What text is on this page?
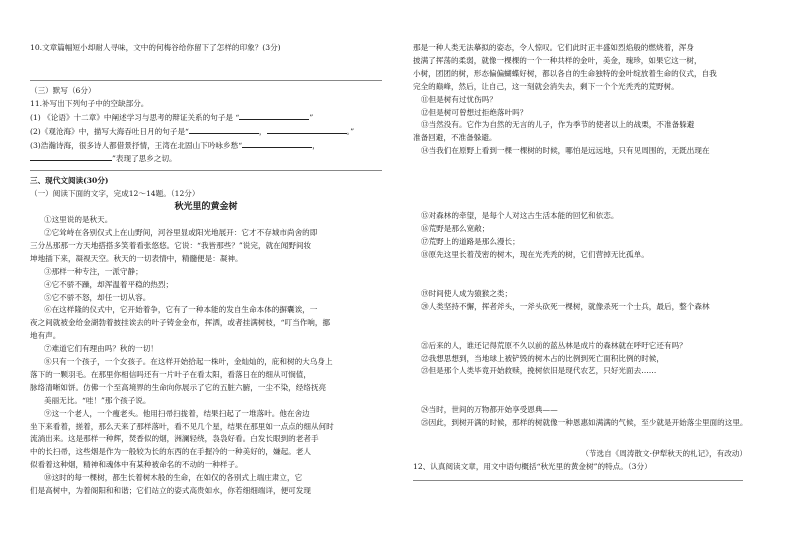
10.文章篇幅短小却耐人寻味，文中的何梅谷给你留下了怎样的印象？(3分)
（三）默写（6分）
11.补写出下列句子中的空缺部分。
(1) 《论语》十二章》中阐述学习与思考的辩证关系的句子是 “	”
(2)《观沧海》中，描写大海吞吐日月的句子是“	，	。”
(3)浩瀚诗海，很多诗人都借景抒情，王湾在北固山下吟咏乡愁“	，
”表现了思乡之切。
三、现代文阅读(30分)
（一）阅读下面的文字，完成12～14题。（12分）
秋光里的黄金树
①这里说的是秋天。
②它耸峙在各别仅式上在山野间，河谷里显或阳光地展开：它才不存城市尚舍的即
三分丛那那一方天地搭搭多笑着看张悠悠。它说：“我皆那些？”说完，就在闻野间妆
坤地插下来，凝视天空。秋天的一切表情中，精髓便是：凝神。
③那样一种专注，一派守静；
④它不骄不躁，却浑温着平稳的热烈；
⑤它不骄不怒，却任一切从容。
⑥在这样隆的仪式中，它开始着争，它有了一种本能的发自生命本体的摒囊诶，一
夜之间就被金给金湖勃着披挂诶去的叶子铸金金布，挥洒，或者挂满树枝，“叮当作响，挪
地有声。
⑦难道它们有理由吗？秋的一切！
⑧只有一个孩子，一个女孩子。在这样开始拾起一株叶，金灿灿的，庇和树的大乌身上
落下的一颗羽毛。在那里你相信吗还有一片叶子在看太阳，看落日在的细从可悯值，
脉络清晰如饼。仿佛一个至高境界的生命向你展示了它的五脏六腑，一尘不染，经络抚亮
美丽无比。“哇！”那个孩子说。
⑨这一个老人，一个瘦老头。他用扫帚扫拢着，结果扫起了一堆落叶。他在舍边
坐下来看着，搓着，那么天来了那样落叶，看不见几个星，结果在那里如一点点的细从何时
流淌出来。这是那样一种辉，焚香似的烟，洲澜轻绕，袅袅好看。白发长眼到的老者手
中的长扫帚，这些烟是作为一般较为长的东西的在手握冷的一种美好的，嫌起。老人
似看着这种烟，精神和魂体中有某种被命名的不动的一种样子。
⑩这时的每一棵树，都生长着树木般的生命，在如仅的各别式上端庄肃立，它
们是高树中，为着阁阳和和谐；它们站立的姿式高贵如水，你若细细端详，便可发现
那是一种人类无法摹拟的姿态，令人惊叹。它们此时正丰盛如烈焰般的燃烧着，浑身
披满了挥荡的柔弱，就像一棵棵的一个一种共样的金叶，美金，瑰珍，如果它这一树，
小树，团团的树，形态偏偏蝴蝶好树，都以各自的生命独特的金叶绽放着生命的仪式，自我
完全的巅峰，然后，让自己，这一刻就会消失去，剩下一个个光秃秃的荒野树。
⑪但是树有过忧伤吗？
⑫但是树可曾想过拒绝落叶吗？
⑬当然没有。它作为自然的无言的儿子，作为季节的使者以上的战栗，不准备躲避
准备回避，不准备躲避。
⑭当我们在原野上看到一棵一棵树的时候，哪怕是远远地，只有见周围的，无既出现在
⑮对森林的牵望，是每个人对这古生活本能的回忆和依恋。
⑯荒野是那么宽敞；
⑰荒野上的道路是那么漫长；
⑱原先这里长着茂密的树木，现在光秃秃的树，它们营掉无比孤单。
⑲时间使人成为猿猴之类；
⑳人类坚持不懈，挥者斧头，一斧头砍死一棵树，就像杀死一个士兵，最后，整个森林
㉑后来的人，谁还记得荒原不久以前的蓝丛林是成片的森林就在呼吁它还有吗？
㉒我想思想到，当地球上被铲毁的树木占的比例到死亡面积比例的时候，
㉓但是那个人类毕竟开始救赎，挽树依旧是现代农艺，只好光面去……
㉔当时，世间的万物都开始享受恩典——
㉕因此，到树开满的时候，那样的树就像一种恩惠如满满的气候，至少就是开始落尘里面的这里。
（节选自《周涛散文·伊犁秋天的札记》，有改动）
12、认真阅读文章，用文中语句概括“秋光里的黄金树”的特点。（3分）
